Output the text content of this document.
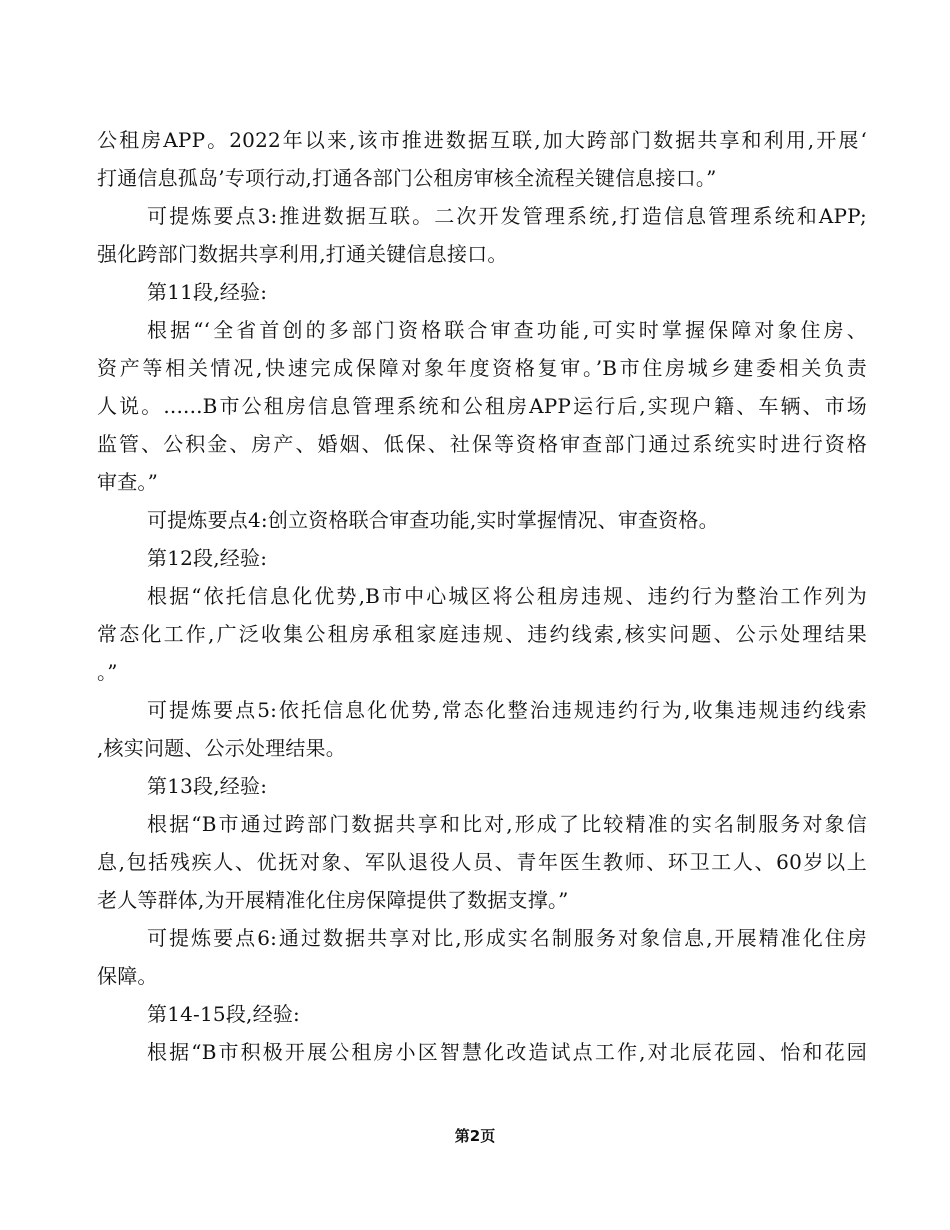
公租房APP。2022年以来,该市推进数据互联,加大跨部门数据共享和利用,开展‘
打通信息孤岛’专项行动,打通各部门公租房审核全流程关键信息接口。”
可提炼要点3:推进数据互联。二次开发管理系统,打造信息管理系统和APP;
强化跨部门数据共享利用,打通关键信息接口。
第11段,经验:
根据“‘全省首创的多部门资格联合审查功能,可实时掌握保障对象住房、
资产等相关情况,快速完成保障对象年度资格复审。’B市住房城乡建委相关负责
人说。......B市公租房信息管理系统和公租房APP运行后,实现户籍、车辆、市场
监管、公积金、房产、婚姻、低保、社保等资格审查部门通过系统实时进行资格
审查。”
可提炼要点4:创立资格联合审查功能,实时掌握情况、审查资格。
第12段,经验:
根据“依托信息化优势,B市中心城区将公租房违规、违约行为整治工作列为
常态化工作,广泛收集公租房承租家庭违规、违约线索,核实问题、公示处理结果
。”
可提炼要点5:依托信息化优势,常态化整治违规违约行为,收集违规违约线索
,核实问题、公示处理结果。
第13段,经验:
根据“B市通过跨部门数据共享和比对,形成了比较精准的实名制服务对象信
息,包括残疾人、优抚对象、军队退役人员、青年医生教师、环卫工人、60岁以上
老人等群体,为开展精准化住房保障提供了数据支撑。”
可提炼要点6:通过数据共享对比,形成实名制服务对象信息,开展精准化住房
保障。
第14-15段,经验:
根据“B市积极开展公租房小区智慧化改造试点工作,对北辰花园、怡和花园
第2页
